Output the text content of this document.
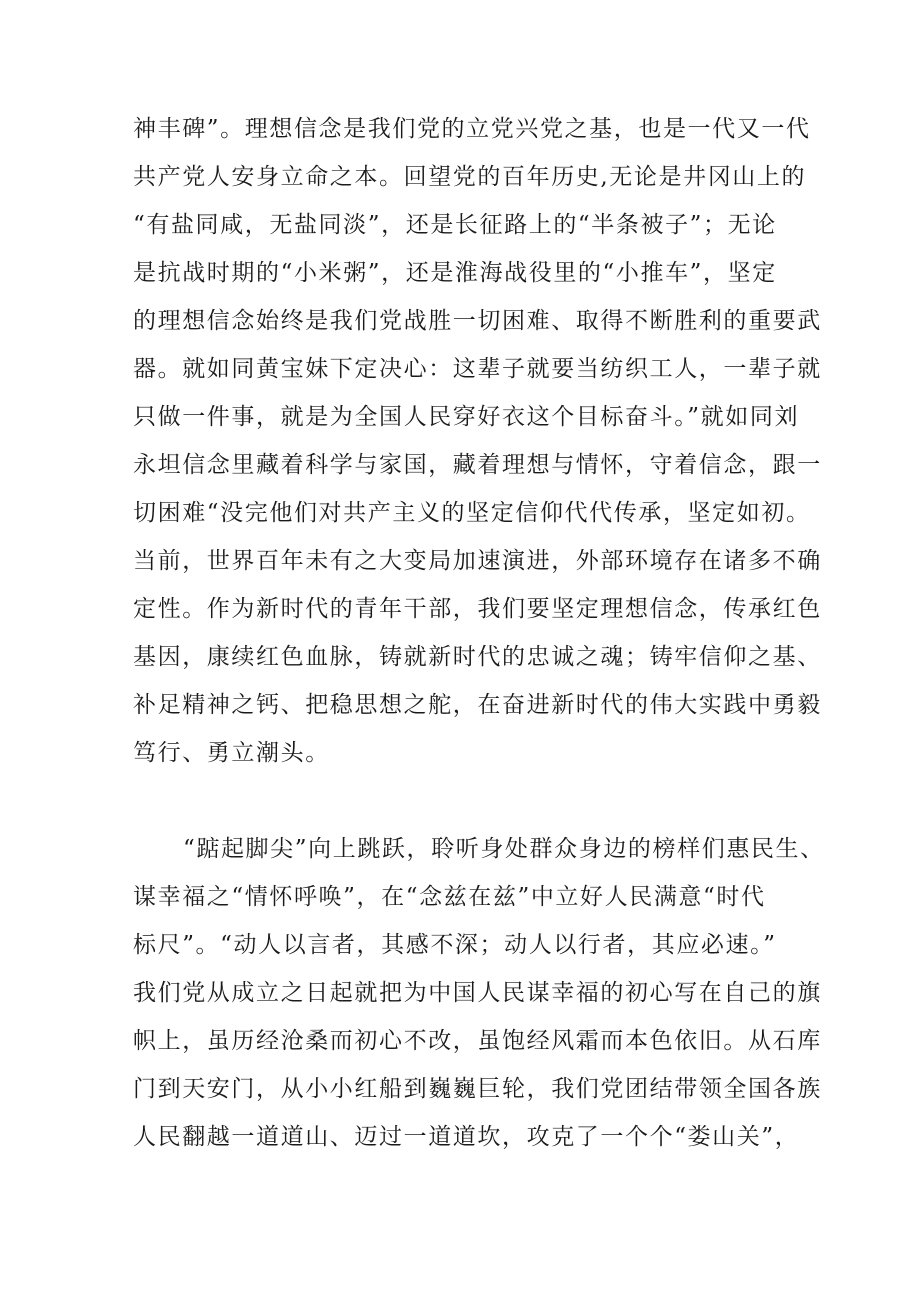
神丰碑”。理想信念是我们党的立党兴党之基，也是一代又一代
共产党人安身立命之本。回望党的百年历史,无论是井冈山上的
“有盐同咸，无盐同淡”，还是长征路上的“半条被子”；无论
是抗战时期的“小米粥”，还是淮海战役里的“小推车”，坚定
的理想信念始终是我们党战胜一切困难、取得不断胜利的重要武
器。就如同黄宝妹下定决心：这辈子就要当纺织工人，一辈子就
只做一件事，就是为全国人民穿好衣这个目标奋斗。”就如同刘
永坦信念里藏着科学与家国，藏着理想与情怀，守着信念，跟一
切困难“没完他们对共产主义的坚定信仰代代传承，坚定如初。
当前，世界百年未有之大变局加速演进，外部环境存在诸多不确
定性。作为新时代的青年干部，我们要坚定理想信念，传承红色
基因，康续红色血脉，铸就新时代的忠诚之魂；铸牢信仰之基、
补足精神之钙、把稳思想之舵，在奋进新时代的伟大实践中勇毅
笃行、勇立潮头。
“踮起脚尖”向上跳跃，聆听身处群众身边的榜样们惠民生、
谋幸福之“情怀呼唤”，在“念兹在兹”中立好人民满意“时代
标尺”。“动人以言者，其感不深；动人以行者，其应必速。”
我们党从成立之日起就把为中国人民谋幸福的初心写在自己的旗
帜上，虽历经沧桑而初心不改，虽饱经风霜而本色依旧。从石库
门到天安门，从小小红船到巍巍巨轮，我们党团结带领全国各族
人民翻越一道道山、迈过一道道坎，攻克了一个个“娄山关”，
